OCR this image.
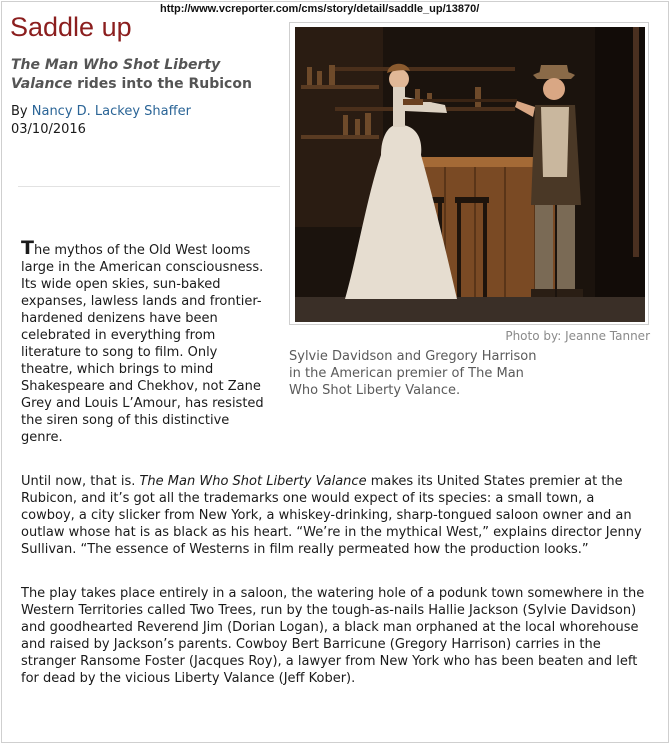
http://www.vcreporter.com/cms/story/detail/saddle_up/13870/
Saddle up

The Man Who Shot Liberty Valance rides into the Rubicon

By Nancy D. Lackey Shaffer
03/10/2016
Photo by: Jeanne Tanner

Sylvie Davidson and Gregory Harrison in the American premier of The Man Who Shot Liberty Valance.

The mythos of the Old West looms large in the American consciousness. Its wide open skies, sun-baked expanses, lawless lands and frontier-hardened denizens have been celebrated in everything from literature to song to film. Only theatre, which brings to mind Shakespeare and Chekhov, not Zane Grey and Louis L’Amour, has resisted the siren song of this distinctive genre.

Until now, that is. The Man Who Shot Liberty Valance makes its United States premier at the Rubicon, and it’s got all the trademarks one would expect of its species: a small town, a cowboy, a city slicker from New York, a whiskey-drinking, sharp-tongued saloon owner and an outlaw whose hat is as black as his heart. “We’re in the mythical West,” explains director Jenny Sullivan. “The essence of Westerns in film really permeated how the production looks.”

The play takes place entirely in a saloon, the watering hole of a podunk town somewhere in the Western Territories called Two Trees, run by the tough-as-nails Hallie Jackson (Sylvie Davidson) and goodhearted Reverend Jim (Dorian Logan), a black man orphaned at the local whorehouse and raised by Jackson’s parents. Cowboy Bert Barricune (Gregory Harrison) carries in the stranger Ransome Foster (Jacques Roy), a lawyer from New York who has been beaten and left for dead by the vicious Liberty Valance (Jeff Kober).
